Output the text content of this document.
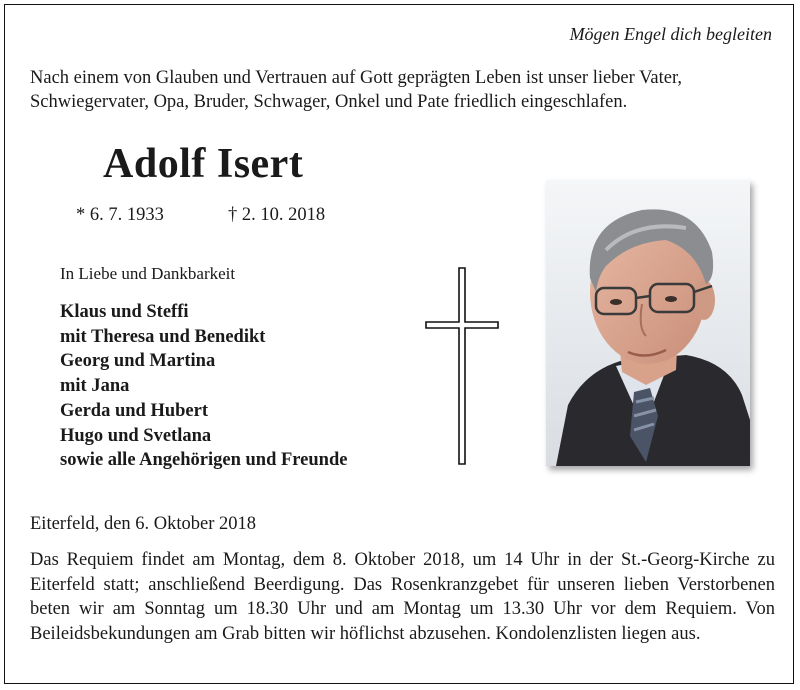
Mögen Engel dich begleiten
Nach einem von Glauben und Vertrauen auf Gott geprägten Leben ist unser lieber Vater, Schwiegervater, Opa, Bruder, Schwager, Onkel und Pate friedlich eingeschlafen.
Adolf Isert
* 6. 7. 1933	† 2. 10. 2018
In Liebe und Dankbarkeit
Klaus und Steffi
mit Theresa und Benedikt
Georg und Martina
mit Jana
Gerda und Hubert
Hugo und Svetlana
sowie alle Angehörigen und Freunde
Eiterfeld, den 6. Oktober 2018
Das Requiem findet am Montag, dem 8. Oktober 2018, um 14 Uhr in der St.-Georg-Kirche zu Eiterfeld statt; anschließend Beerdigung. Das Rosenkranzgebet für unseren lieben Verstorbenen beten wir am Sonntag um 18.30 Uhr und am Montag um 13.30 Uhr vor dem Requiem. Von Beileidsbekundungen am Grab bitten wir höflichst abzusehen. Kondolenzlisten liegen aus.
